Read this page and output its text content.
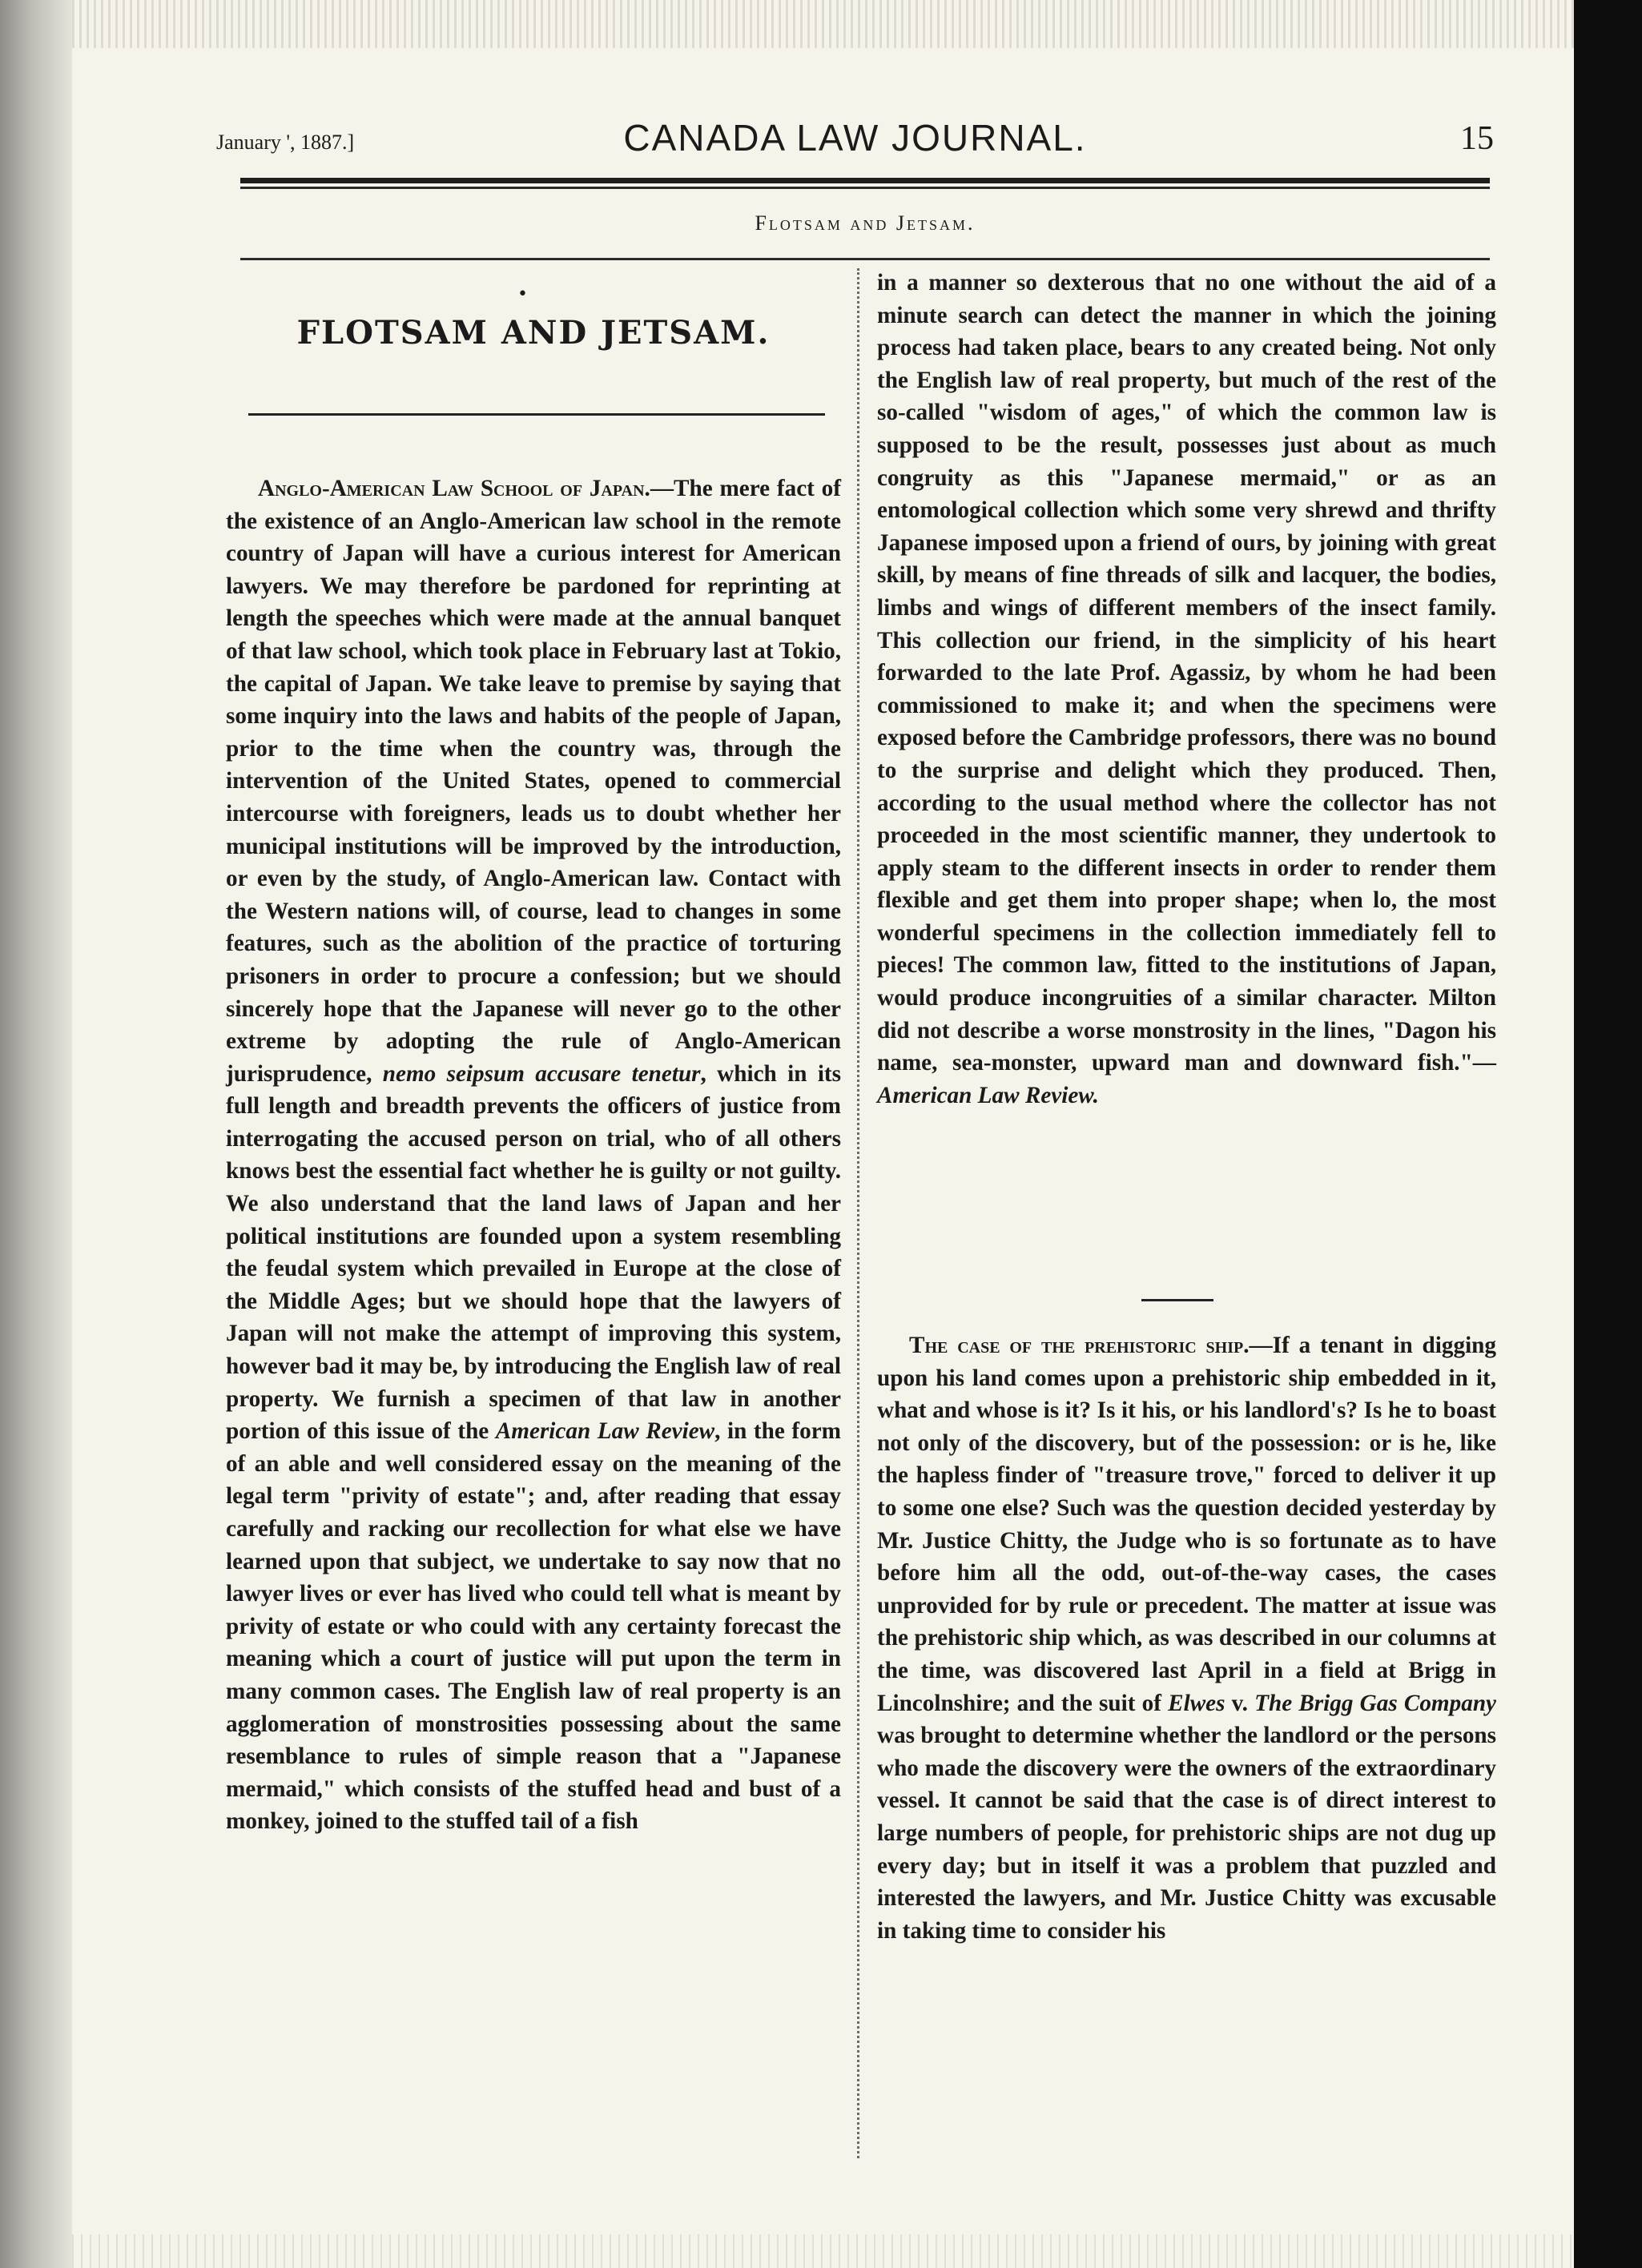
January ', 1887.]	CANADA LAW JOURNAL.	15
Flotsam and Jetsam.
•
FLOTSAM AND JETSAM.

Anglo-American Law School of Japan.—The mere fact of the existence of an Anglo-American law school in the remote country of Japan will have a curious interest for American lawyers. We may therefore be pardoned for reprinting at length the speeches which were made at the annual banquet of that law school, which took place in February last at Tokio, the capital of Japan. We take leave to premise by saying that some inquiry into the laws and habits of the people of Japan, prior to the time when the country was, through the intervention of the United States, opened to commercial intercourse with foreigners, leads us to doubt whether her municipal institutions will be improved by the introduction, or even by the study, of Anglo-American law. Contact with the Western nations will, of course, lead to changes in some features, such as the abolition of the practice of torturing prisoners in order to procure a confession; but we should sincerely hope that the Japanese will never go to the other extreme by adopting the rule of Anglo-American jurisprudence, nemo seipsum accusare tenetur, which in its full length and breadth prevents the officers of justice from interrogating the accused person on trial, who of all others knows best the essential fact whether he is guilty or not guilty. We also understand that the land laws of Japan and her political institutions are founded upon a system resembling the feudal system which prevailed in Europe at the close of the Middle Ages; but we should hope that the lawyers of Japan will not make the attempt of improving this system, however bad it may be, by introducing the English law of real property. We furnish a specimen of that law in another portion of this issue of the American Law Review, in the form of an able and well considered essay on the meaning of the legal term "privity of estate"; and, after reading that essay carefully and racking our recollection for what else we have learned upon that subject, we undertake to say now that no lawyer lives or ever has lived who could tell what is meant by privity of estate or who could with any certainty forecast the meaning which a court of justice will put upon the term in many common cases. The English law of real property is an agglomeration of monstrosities possessing about the same resemblance to rules of simple reason that a "Japanese mermaid," which consists of the stuffed head and bust of a monkey, joined to the stuffed tail of a fish

in a manner so dexterous that no one without the aid of a minute search can detect the manner in which the joining process had taken place, bears to any created being. Not only the English law of real property, but much of the rest of the so-called "wisdom of ages," of which the common law is supposed to be the result, possesses just about as much congruity as this "Japanese mermaid," or as an entomological collection which some very shrewd and thrifty Japanese imposed upon a friend of ours, by joining with great skill, by means of fine threads of silk and lacquer, the bodies, limbs and wings of different members of the insect family. This collection our friend, in the simplicity of his heart forwarded to the late Prof. Agassiz, by whom he had been commissioned to make it; and when the specimens were exposed before the Cambridge professors, there was no bound to the surprise and delight which they produced. Then, according to the usual method where the collector has not proceeded in the most scientific manner, they undertook to apply steam to the different insects in order to render them flexible and get them into proper shape; when lo, the most wonderful specimens in the collection immediately fell to pieces! The common law, fitted to the institutions of Japan, would produce incongruities of a similar character. Milton did not describe a worse monstrosity in the lines, "Dagon his name, sea-monster, upward man and downward fish."—American Law Review.

The case of the prehistoric ship.—If a tenant in digging upon his land comes upon a prehistoric ship embedded in it, what and whose is it? Is it his, or his landlord's? Is he to boast not only of the discovery, but of the possession: or is he, like the hapless finder of "treasure trove," forced to deliver it up to some one else? Such was the question decided yesterday by Mr. Justice Chitty, the Judge who is so fortunate as to have before him all the odd, out-of-the-way cases, the cases unprovided for by rule or precedent. The matter at issue was the prehistoric ship which, as was described in our columns at the time, was discovered last April in a field at Brigg in Lincolnshire; and the suit of Elwes v. The Brigg Gas Company was brought to determine whether the landlord or the persons who made the discovery were the owners of the extraordinary vessel. It cannot be said that the case is of direct interest to large numbers of people, for prehistoric ships are not dug up every day; but in itself it was a problem that puzzled and interested the lawyers, and Mr. Justice Chitty was excusable in taking time to consider his
